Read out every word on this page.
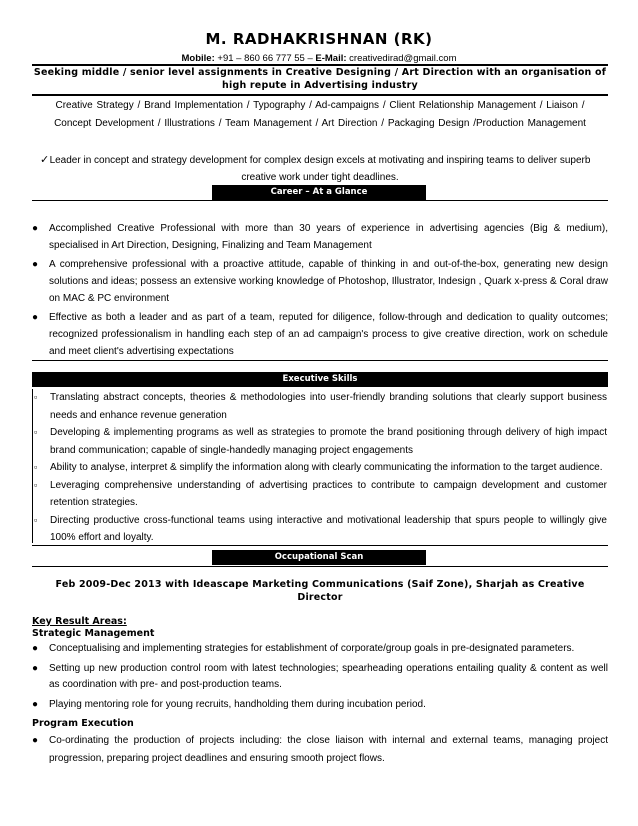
M. RADHAKRISHNAN (RK)
Mobile: +91 – 860 66 777 55 – E-Mail: creativedirad@gmail.com
Seeking middle / senior level assignments in Creative Designing / Art Direction with an organisation of high repute in Advertising industry
Creative Strategy / Brand Implementation / Typography / Ad-campaigns / Client Relationship Management / Liaison /
Concept Development / Illustrations / Team Management / Art Direction / Packaging Design /Production Management
✓ Leader in concept and strategy development for complex design excels at motivating and inspiring teams to deliver superb creative work under tight deadlines.
Career – At a Glance
● Accomplished Creative Professional with more than 30 years of experience in advertising agencies (Big & medium), specialised in Art Direction, Designing, Finalizing and Team Management
● A comprehensive professional with a proactive attitude, capable of thinking in and out-of-the-box, generating new design solutions and ideas; possess an extensive working knowledge of Photoshop, Illustrator, Indesign , Quark x-press & Coral draw on MAC & PC environment
● Effective as both a leader and as part of a team, reputed for diligence, follow-through and dedication to quality outcomes; recognized professionalism in handling each step of an ad campaign's process to give creative direction, work on schedule and meet client's advertising expectations
Executive Skills
▫ Translating abstract concepts, theories & methodologies into user-friendly branding solutions that clearly support business needs and enhance revenue generation
▫ Developing & implementing programs as well as strategies to promote the brand positioning through delivery of high impact brand communication; capable of single-handedly managing project engagements
▫ Ability to analyse, interpret & simplify the information along with clearly communicating the information to the target audience.
▫ Leveraging comprehensive understanding of advertising practices to contribute to campaign development and customer retention strategies.
▫ Directing productive cross-functional teams using interactive and motivational leadership that spurs people to willingly give 100% effort and loyalty.
Occupational Scan
Feb 2009-Dec 2013 with Ideascape Marketing Communications (Saif Zone), Sharjah as Creative Director
Key Result Areas:
Strategic Management
● Conceptualising and implementing strategies for establishment of corporate/group goals in pre-designated parameters.
● Setting up new production control room with latest technologies; spearheading operations entailing quality & content as well as coordination with pre- and post-production teams.
● Playing mentoring role for young recruits, handholding them during incubation period.
Program Execution
● Co-ordinating the production of projects including: the close liaison with internal and external teams, managing project progression, preparing project deadlines and ensuring smooth project flows.
